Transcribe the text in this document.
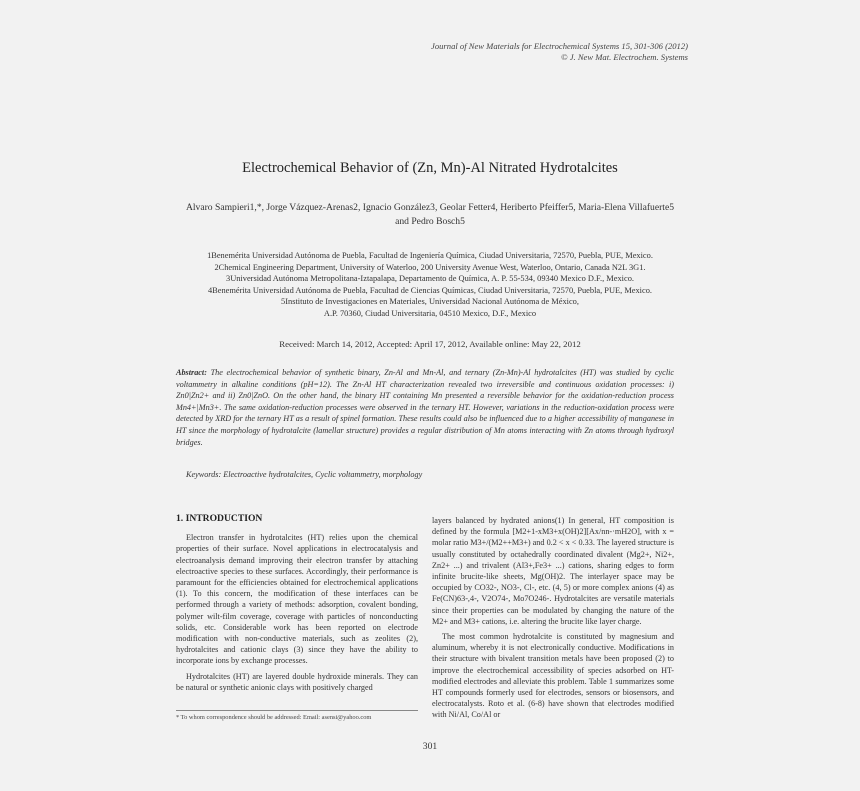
Journal of New Materials for Electrochemical Systems 15, 301-306 (2012)
© J. New Mat. Electrochem. Systems
Electrochemical Behavior of (Zn, Mn)-Al Nitrated Hydrotalcites
Alvaro Sampieri1,*, Jorge Vázquez-Arenas2, Ignacio González3, Geolar Fetter4, Heriberto Pfeiffer5, Maria-Elena Villafuerte5
and Pedro Bosch5
1Benemérita Universidad Autónoma de Puebla, Facultad de Ingeniería Química, Ciudad Universitaria, 72570, Puebla, PUE, Mexico.
2Chemical Engineering Department, University of Waterloo, 200 University Avenue West, Waterloo, Ontario, Canada N2L 3G1.
3Universidad Autónoma Metropolitana-Iztapalapa, Departamento de Química, A. P. 55-534, 09340 Mexico D.F., Mexico.
4Benemérita Universidad Autónoma de Puebla, Facultad de Ciencias Químicas, Ciudad Universitaria, 72570, Puebla, PUE, Mexico.
5Instituto de Investigaciones en Materiales, Universidad Nacional Autónoma de México,
A.P. 70360, Ciudad Universitaria, 04510 Mexico, D.F., Mexico
Received: March 14, 2012, Accepted: April 17, 2012, Available online: May 22, 2012
Abstract: The electrochemical behavior of synthetic binary, Zn-Al and Mn-Al, and ternary (Zn-Mn)-Al hydrotalcites (HT) was studied by cyclic voltammetry in alkaline conditions (pH=12). The Zn-Al HT characterization revealed two irreversible and continuous oxidation processes: i) Zn0|Zn2+ and ii) Zn0|ZnO. On the other hand, the binary HT containing Mn presented a reversible behavior for the oxidation-reduction process Mn4+|Mn3+. The same oxidation-reduction processes were observed in the ternary HT. However, variations in the reduction-oxidation process were detected by XRD for the ternary HT as a result of spinel formation. These results could also be influenced due to a higher accessibility of manganese in HT since the morphology of hydrotalcite (lamellar structure) provides a regular distribution of Mn atoms interacting with Zn atoms through hydroxyl bridges.
Keywords: Electroactive hydrotalcites, Cyclic voltammetry, morphology
1. INTRODUCTION

Electron transfer in hydrotalcites (HT) relies upon the chemical properties of their surface. Novel applications in electrocatalysis and electroanalysis demand improving their electron transfer by attaching electroactive species to these surfaces. Accordingly, their performance is paramount for the efficiencies obtained for electrochemical applications (1). To this concern, the modification of these interfaces can be performed through a variety of methods: adsorption, covalent bonding, polymer wilt-film coverage, coverage with particles of nonconducting solids, etc. Considerable work has been reported on electrode modification with non-conductive materials, such as zeolites (2), hydrotalcites and cationic clays (3) since they have the ability to incorporate ions by exchange processes.

Hydrotalcites (HT) are layered double hydroxide minerals. They can be natural or synthetic anionic clays with positively charged

layers balanced by hydrated anions(1) In general, HT composition is defined by the formula [M2+1-xM3+x(OH)2][Ax/nn-·mH2O], with x = molar ratio M3+/(M2++M3+) and 0.2 < x < 0.33. The layered structure is usually constituted by octahedrally coordinated divalent (Mg2+, Ni2+, Zn2+ ...) and trivalent (Al3+,Fe3+ ...) cations, sharing edges to form infinite brucite-like sheets, Mg(OH)2. The interlayer space may be occupied by CO32-, NO3-, Cl-, etc. (4, 5) or more complex anions (4) as Fe(CN)63-,4-, V2O74-, Mo7O246-. Hydrotalcites are versatile materials since their properties can be modulated by changing the nature of the M2+ and M3+ cations, i.e. altering the brucite like layer charge.

The most common hydrotalcite is constituted by magnesium and aluminum, whereby it is not electronically conductive. Modifications in their structure with bivalent transition metals have been proposed (2) to improve the electrochemical accessibility of species adsorbed on HT-modified electrodes and alleviate this problem. Table 1 summarizes some HT compounds formerly used for electrodes, sensors or biosensors, and electrocatalysts. Roto et al. (6-8) have shown that electrodes modified with Ni/Al, Co/Al or

* To whom correspondence should be addressed: Email: asensi@yahoo.com
301
